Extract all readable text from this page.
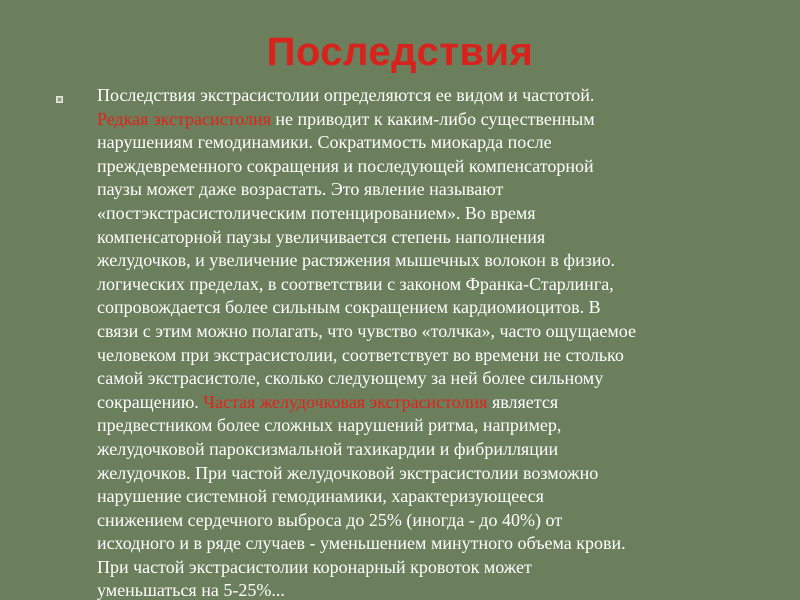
Последствия
Последствия экстрасистолии определяются ее видом и частотой.
Редкая экстрасистолия не приводит к каким-либо существенным
нарушениям гемодинамики. Сократимость миокарда после
преждевременного сокращения и последующей компенсаторной
паузы может даже возрастать. Это явление называют
«постэкстрасистолическим потенцированием». Во время
компенсаторной паузы увеличивается степень наполнения
желудочков, и увеличение растяжения мышечных волокон в физио.
логических пределах, в соответствии с законом Франка-Старлинга,
сопровождается более сильным сокращением кардиомиоцитов. В
связи с этим можно полагать, что чувство «толчка», часто ощущаемое
человеком при экстрасистолии, соответствует во времени не столько
самой экстрасистоле, сколько следующему за ней более сильному
сокращению. Частая желудочковая экстрасистолия является
предвестником более сложных нарушений ритма, например,
желудочковой пароксизмальной тахикардии и фибрилляции
желудочков. При частой желудочковой экстрасистолии возможно
нарушение системной гемодинамики, характеризующееся
снижением сердечного выброса до 25% (иногда - до 40%) от
исходного и в ряде случаев - уменьшением минутного объема крови.
При частой экстрасистолии коронарный кровоток может
уменьшаться на 5-25%...
